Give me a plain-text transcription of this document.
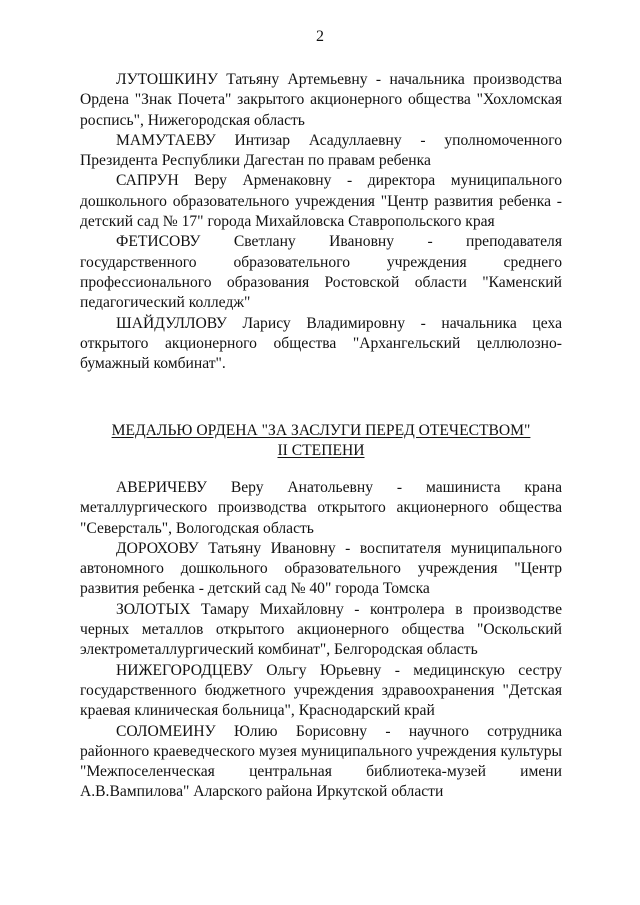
2

ЛУТОШКИНУ Татьяну Артемьевну - начальника производства Ордена "Знак Почета" закрытого акционерного общества "Хохломская роспись", Нижегородская область

МАМУТАЕВУ Интизар Асадуллаевну - уполномоченного Президента Республики Дагестан по правам ребенка

САПРУН Веру Арменаковну - директора муниципального дошкольного образовательного учреждения "Центр развития ребенка - детский сад № 17" города Михайловска Ставропольского края

ФЕТИСОВУ Светлану Ивановну - преподавателя государственного образовательного учреждения среднего профессионального образования Ростовской области "Каменский педагогический колледж"

ШАЙДУЛЛОВУ Ларису Владимировну - начальника цеха открытого акционерного общества "Архангельский целлюлозно-бумажный комбинат".

МЕДАЛЬЮ ОРДЕНА "ЗА ЗАСЛУГИ ПЕРЕД ОТЕЧЕСТВОМ"
II СТЕПЕНИ

АВЕРИЧЕВУ Веру Анатольевну - машиниста крана металлургического производства открытого акционерного общества "Северсталь", Вологодская область

ДОРОХОВУ Татьяну Ивановну - воспитателя муниципального автономного дошкольного образовательного учреждения "Центр развития ребенка - детский сад № 40" города Томска

ЗОЛОТЫХ Тамару Михайловну - контролера в производстве черных металлов открытого акционерного общества "Оскольский электрометаллургический комбинат", Белгородская область

НИЖЕГОРОДЦЕВУ Ольгу Юрьевну - медицинскую сестру государственного бюджетного учреждения здравоохранения "Детская краевая клиническая больница", Краснодарский край

СОЛОМЕИНУ Юлию Борисовну - научного сотрудника районного краеведческого музея муниципального учреждения культуры "Межпоселенческая центральная библиотека-музей имени А.В.Вампилова" Аларского района Иркутской области
